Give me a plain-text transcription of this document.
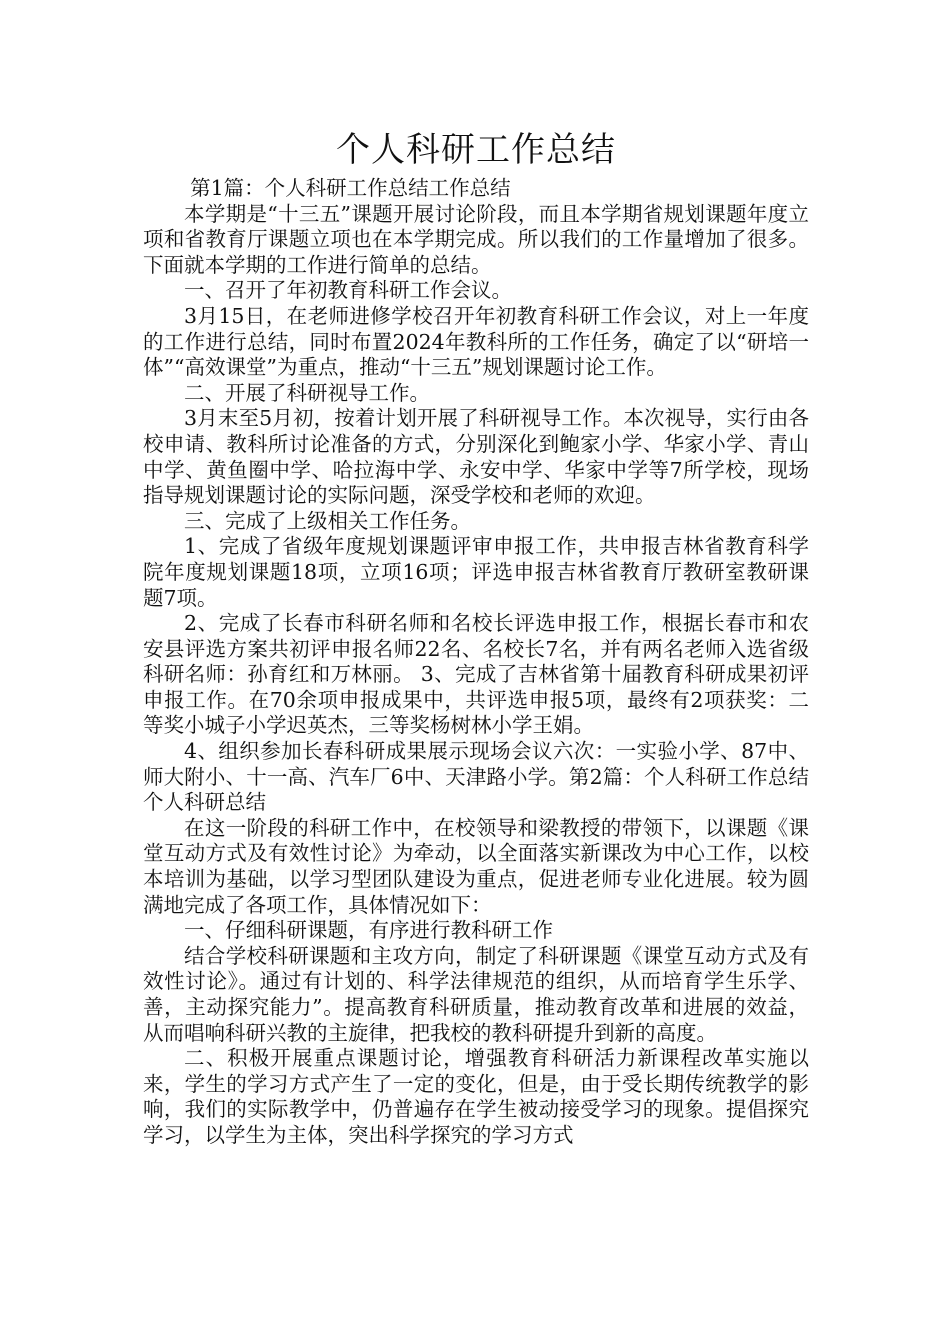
个人科研工作总结

第1篇：个人科研工作总结工作总结

本学期是“十三五”课题开展讨论阶段，而且本学期省规划课题年度立项和省教育厅课题立项也在本学期完成。所以我们的工作量增加了很多。下面就本学期的工作进行简单的总结。

一、召开了年初教育科研工作会议。

3月15日，在老师进修学校召开年初教育科研工作会议，对上一年度的工作进行总结，同时布置2024年教科所的工作任务，确定了以“研培一体”“高效课堂”为重点，推动“十三五”规划课题讨论工作。

二、开展了科研视导工作。

3月末至5月初，按着计划开展了科研视导工作。本次视导，实行由各校申请、教科所讨论准备的方式，分别深化到鲍家小学、华家小学、青山中学、黄鱼圈中学、哈拉海中学、永安中学、华家中学等7所学校，现场指导规划课题讨论的实际问题，深受学校和老师的欢迎。

三、完成了上级相关工作任务。

1、完成了省级年度规划课题评审申报工作，共申报吉林省教育科学院年度规划课题18项，立项16项；评选申报吉林省教育厅教研室教研课题7项。

2、完成了长春市科研名师和名校长评选申报工作，根据长春市和农安县评选方案共初评申报名师22名、名校长7名，并有两名老师入选省级科研名师：孙育红和万林丽。 3、完成了吉林省第十届教育科研成果初评申报工作。在70余项申报成果中，共评选申报5项，最终有2项获奖：二等奖小城子小学迟英杰，三等奖杨树林小学王娟。

4、组织参加长春科研成果展示现场会议六次：一实验小学、87中、师大附小、十一高、汽车厂6中、天津路小学。第2篇：个人科研工作总结个人科研总结

在这一阶段的科研工作中，在校领导和梁教授的带领下，以课题《课堂互动方式及有效性讨论》为牵动，以全面落实新课改为中心工作，以校本培训为基础，以学习型团队建设为重点，促进老师专业化进展。较为圆满地完成了各项工作，具体情况如下：

一、仔细科研课题，有序进行教科研工作

结合学校科研课题和主攻方向，制定了科研课题《课堂互动方式及有效性讨论》。通过有计划的、科学法律规范的组织，从而培育学生乐学、善，主动探究能力”。提高教育科研质量，推动教育改革和进展的效益，从而唱响科研兴教的主旋律，把我校的教科研提升到新的高度。

二、积极开展重点课题讨论，增强教育科研活力新课程改革实施以来，学生的学习方式产生了一定的变化，但是，由于受长期传统教学的影响，我们的实际教学中，仍普遍存在学生被动接受学习的现象。提倡探究学习，以学生为主体，突出科学探究的学习方式
